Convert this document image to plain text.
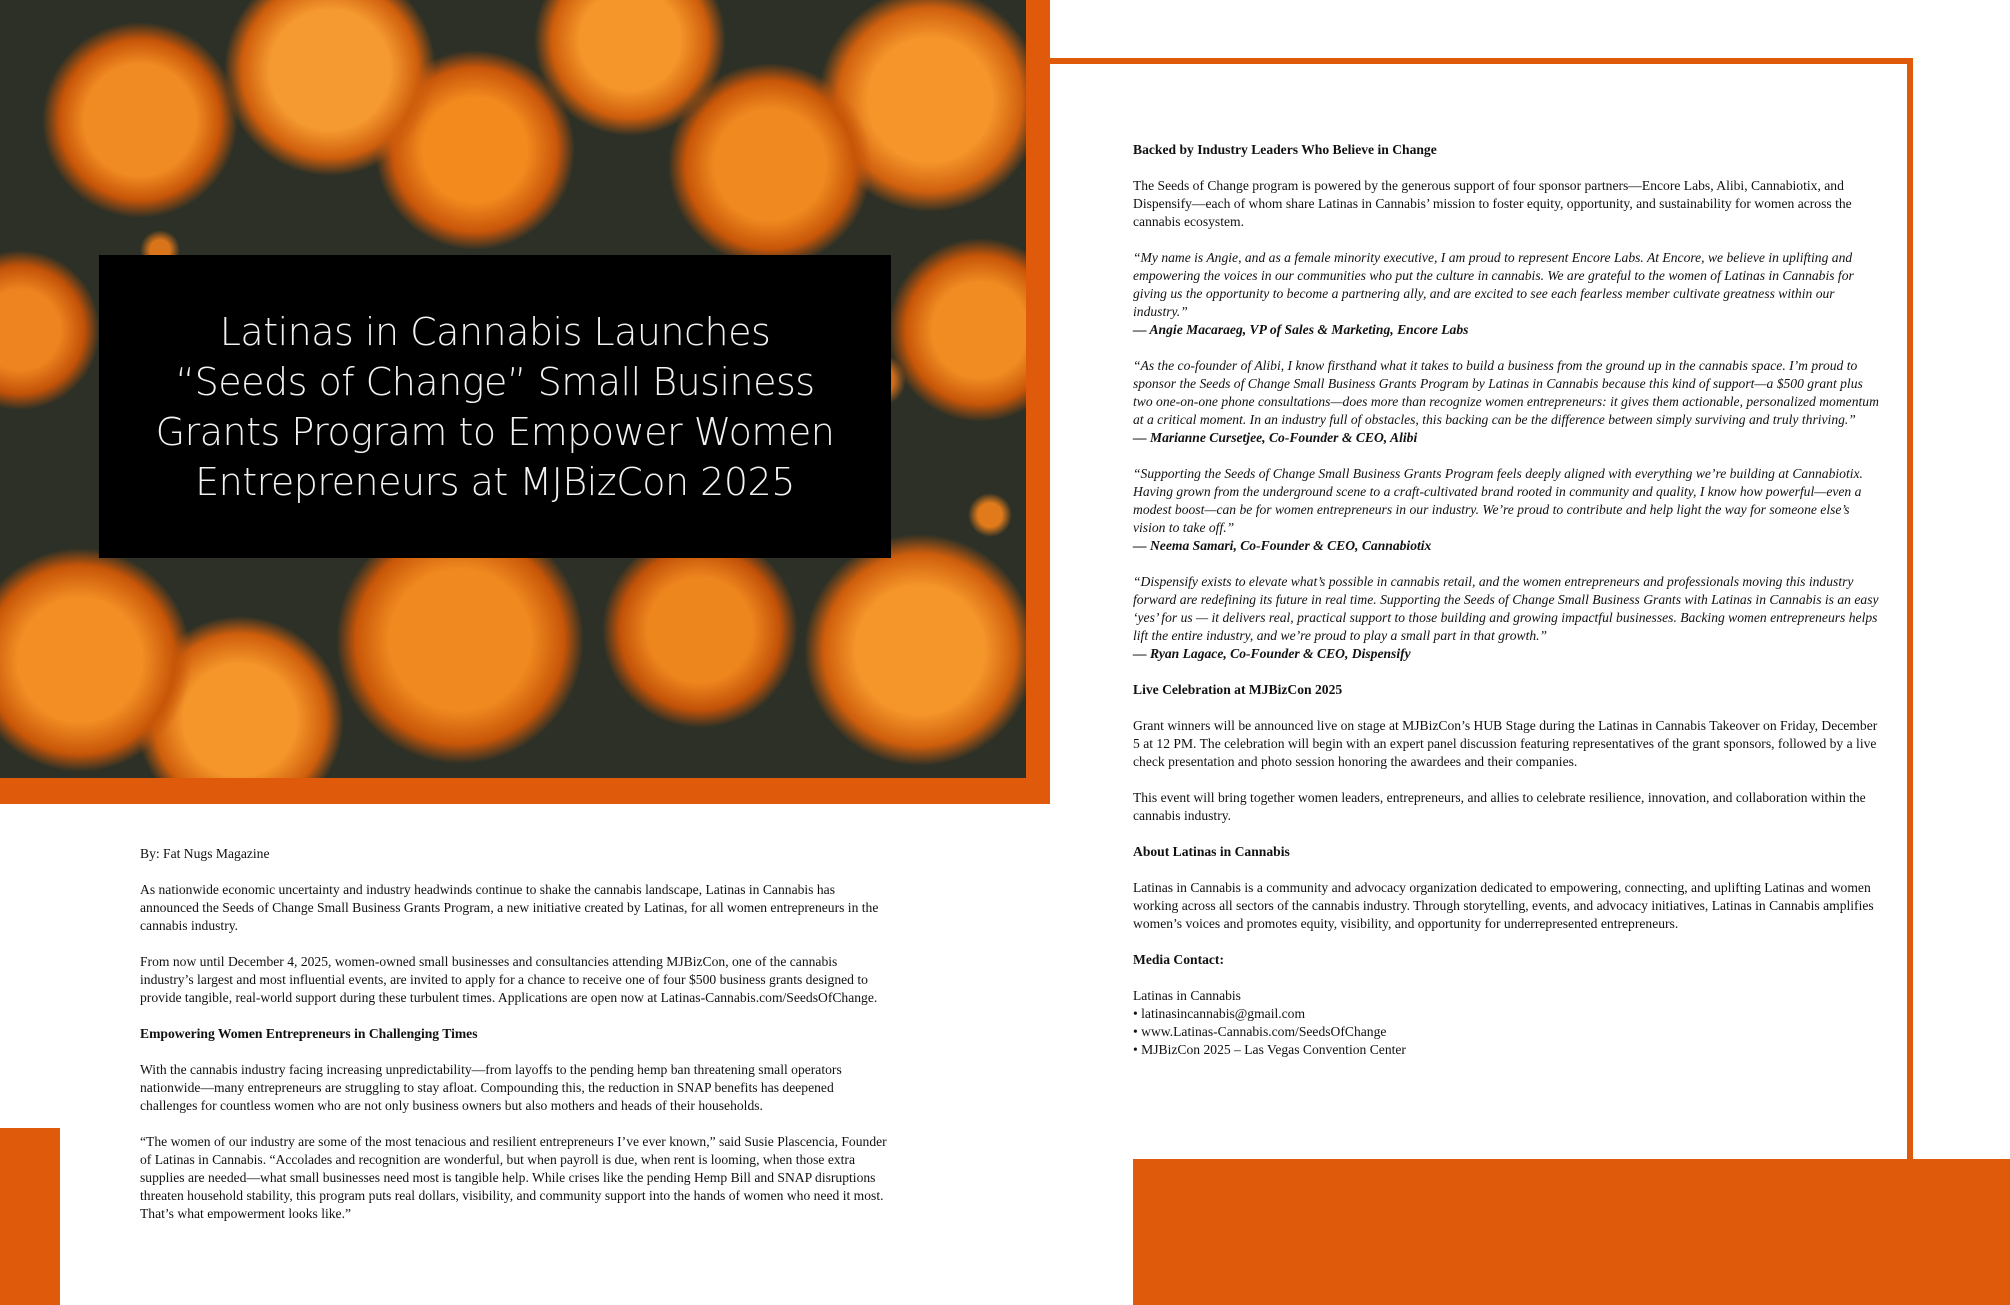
Latinas in Cannabis Launches “Seeds of Change” Small Business Grants Program to Empower Women Entrepreneurs at MJBizCon 2025

By: Fat Nugs Magazine

As nationwide economic uncertainty and industry headwinds continue to shake the cannabis landscape, Latinas in Cannabis has announced the Seeds of Change Small Business Grants Program, a new initiative created by Latinas, for all women entrepreneurs in the cannabis industry.

From now until December 4, 2025, women-owned small businesses and consultancies attending MJBizCon, one of the cannabis industry’s largest and most influential events, are invited to apply for a chance to receive one of four $500 business grants designed to provide tangible, real-world support during these turbulent times. Applications are open now at Latinas-Cannabis.com/SeedsOfChange.

Empowering Women Entrepreneurs in Challenging Times

With the cannabis industry facing increasing unpredictability—from layoffs to the pending hemp ban threatening small operators nationwide—many entrepreneurs are struggling to stay afloat. Compounding this, the reduction in SNAP benefits has deepened challenges for countless women who are not only business owners but also mothers and heads of their households.

“The women of our industry are some of the most tenacious and resilient entrepreneurs I’ve ever known,” said Susie Plascencia, Founder of Latinas in Cannabis. “Accolades and recognition are wonderful, but when payroll is due, when rent is looming, when those extra supplies are needed—what small businesses need most is tangible help. While crises like the pending Hemp Bill and SNAP disruptions threaten household stability, this program puts real dollars, visibility, and community support into the hands of women who need it most. That’s what empowerment looks like.”

Backed by Industry Leaders Who Believe in Change

The Seeds of Change program is powered by the generous support of four sponsor partners—Encore Labs, Alibi, Cannabiotix, and Dispensify—each of whom share Latinas in Cannabis’ mission to foster equity, opportunity, and sustainability for women across the cannabis ecosystem.

“My name is Angie, and as a female minority executive, I am proud to represent Encore Labs. At Encore, we believe in uplifting and empowering the voices in our communities who put the culture in cannabis. We are grateful to the women of Latinas in Cannabis for giving us the opportunity to become a partnering ally, and are excited to see each fearless member cultivate greatness within our industry.”
— Angie Macaraeg, VP of Sales & Marketing, Encore Labs

“As the co-founder of Alibi, I know firsthand what it takes to build a business from the ground up in the cannabis space. I’m proud to sponsor the Seeds of Change Small Business Grants Program by Latinas in Cannabis because this kind of support—a $500 grant plus two one-on-one phone consultations—does more than recognize women entrepreneurs: it gives them actionable, personalized momentum at a critical moment. In an industry full of obstacles, this backing can be the difference between simply surviving and truly thriving.”
— Marianne Cursetjee, Co-Founder & CEO, Alibi

“Supporting the Seeds of Change Small Business Grants Program feels deeply aligned with everything we’re building at Cannabiotix. Having grown from the underground scene to a craft-cultivated brand rooted in community and quality, I know how powerful—even a modest boost—can be for women entrepreneurs in our industry. We’re proud to contribute and help light the way for someone else’s vision to take off.”
— Neema Samari, Co-Founder & CEO, Cannabiotix

“Dispensify exists to elevate what’s possible in cannabis retail, and the women entrepreneurs and professionals moving this industry forward are redefining its future in real time. Supporting the Seeds of Change Small Business Grants with Latinas in Cannabis is an easy ‘yes’ for us — it delivers real, practical support to those building and growing impactful businesses. Backing women entrepreneurs helps lift the entire industry, and we’re proud to play a small part in that growth.”
— Ryan Lagace, Co-Founder & CEO, Dispensify

Live Celebration at MJBizCon 2025

Grant winners will be announced live on stage at MJBizCon’s HUB Stage during the Latinas in Cannabis Takeover on Friday, December 5 at 12 PM. The celebration will begin with an expert panel discussion featuring representatives of the grant sponsors, followed by a live check presentation and photo session honoring the awardees and their companies.

This event will bring together women leaders, entrepreneurs, and allies to celebrate resilience, innovation, and collaboration within the cannabis industry.

About Latinas in Cannabis

Latinas in Cannabis is a community and advocacy organization dedicated to empowering, connecting, and uplifting Latinas and women working across all sectors of the cannabis industry. Through storytelling, events, and advocacy initiatives, Latinas in Cannabis amplifies women’s voices and promotes equity, visibility, and opportunity for underrepresented entrepreneurs.

Media Contact:

Latinas in Cannabis
• latinasincannabis@gmail.com
• www.Latinas-Cannabis.com/SeedsOfChange
• MJBizCon 2025 – Las Vegas Convention Center
